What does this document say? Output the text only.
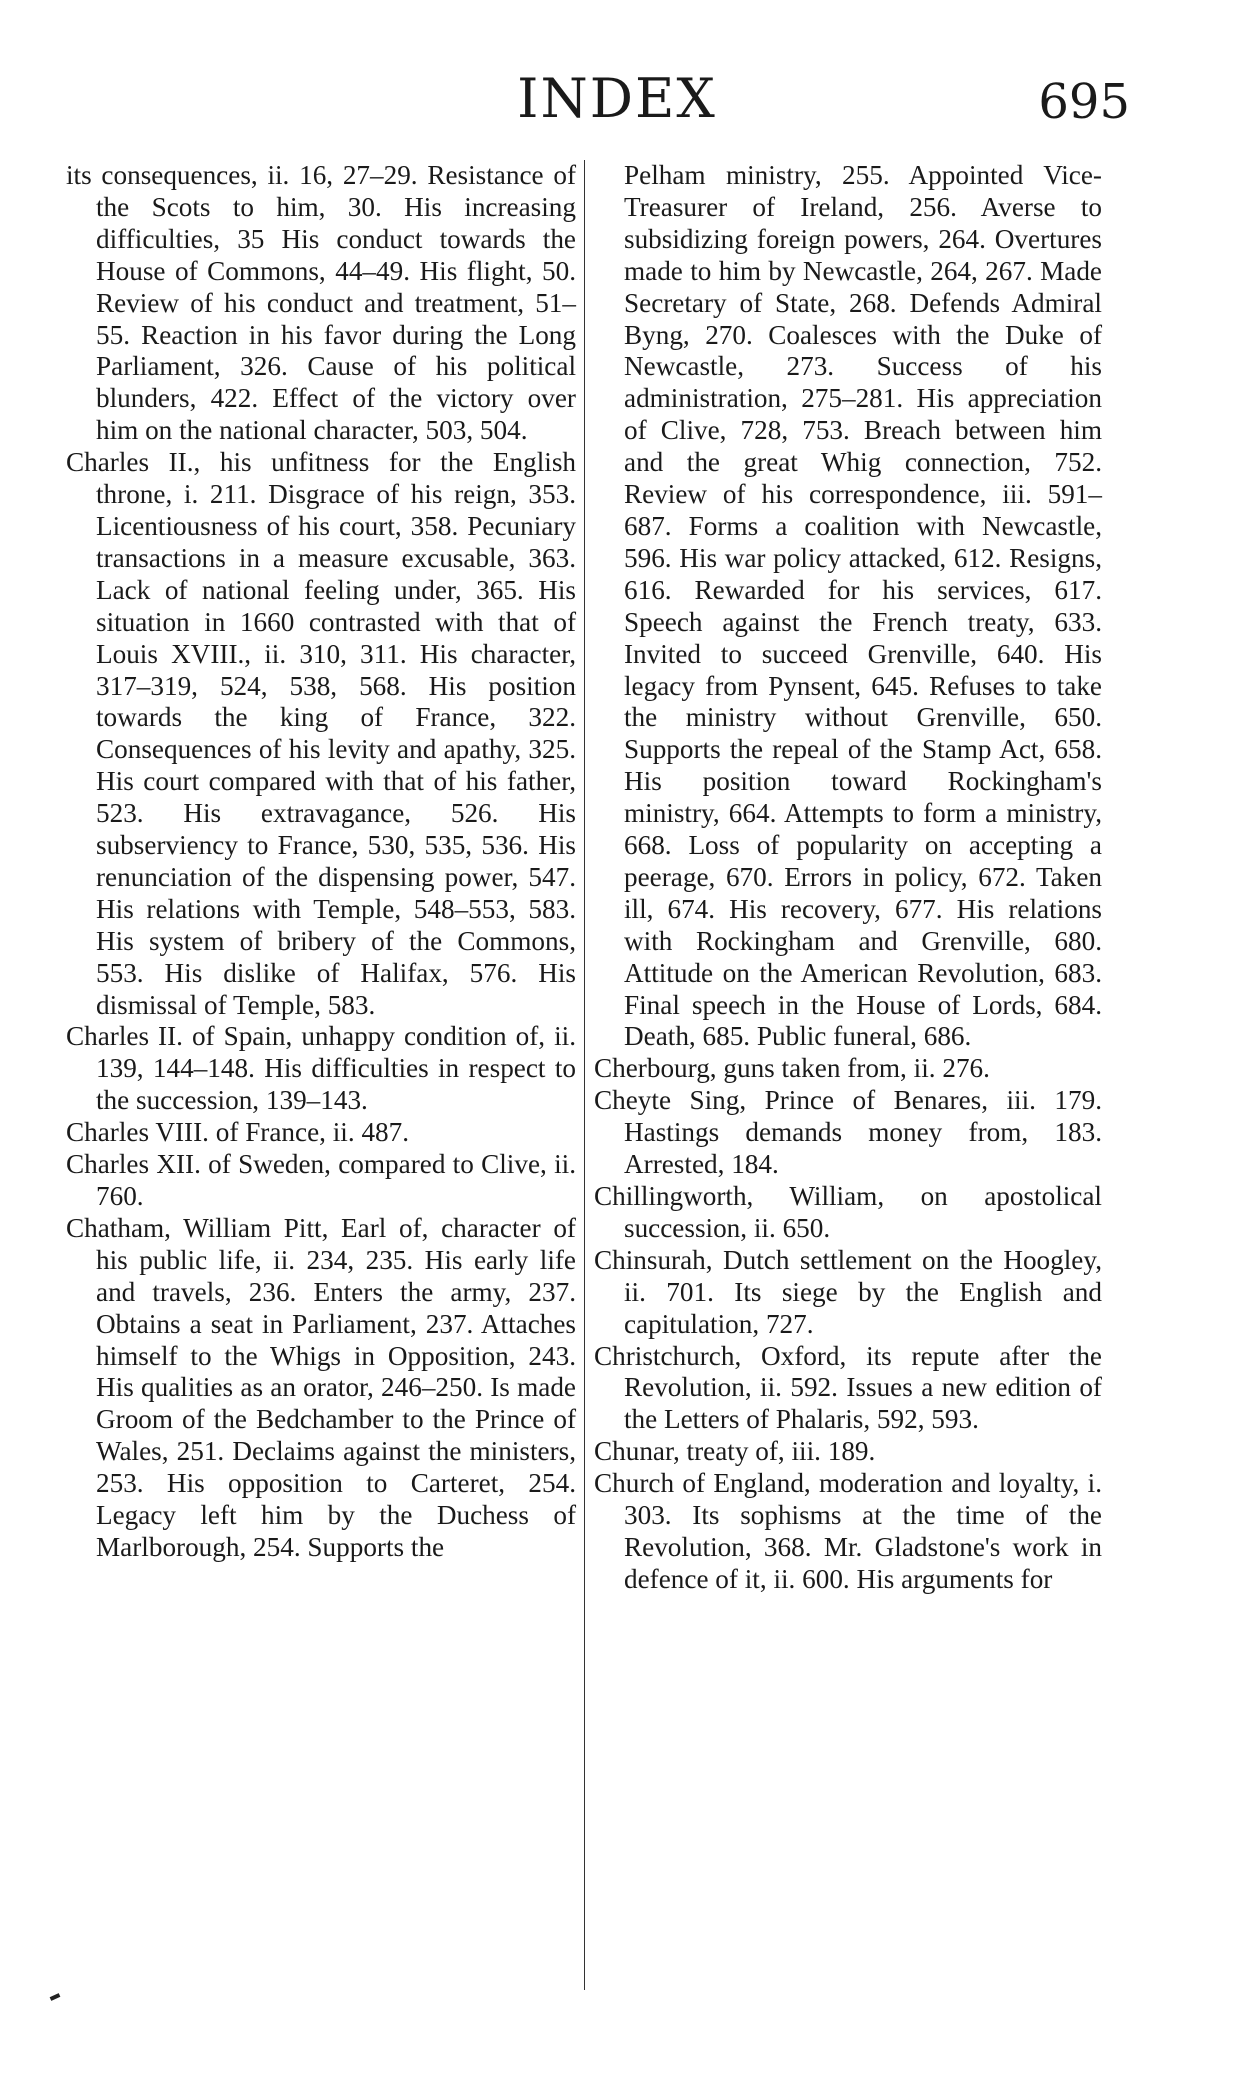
INDEX	695

its consequences, ii. 16, 27–29. Resistance of the Scots to him, 30. His increasing difficulties, 35 His conduct towards the House of Commons, 44–49. His flight, 50. Review of his conduct and treatment, 51–55. Reaction in his favor during the Long Parliament, 326. Cause of his political blunders, 422. Effect of the victory over him on the national character, 503, 504.

Charles II., his unfitness for the English throne, i. 211. Disgrace of his reign, 353. Licentiousness of his court, 358. Pecuniary transactions in a measure excusable, 363. Lack of national feeling under, 365. His situation in 1660 contrasted with that of Louis XVIII., ii. 310, 311. His character, 317–319, 524, 538, 568. His position towards the king of France, 322. Consequences of his levity and apathy, 325. His court compared with that of his father, 523. His extravagance, 526. His subserviency to France, 530, 535, 536. His renunciation of the dispensing power, 547. His relations with Temple, 548–553, 583. His system of bribery of the Commons, 553. His dislike of Halifax, 576. His dismissal of Temple, 583.

Charles II. of Spain, unhappy condition of, ii. 139, 144–148. His difficulties in respect to the succession, 139–143.

Charles VIII. of France, ii. 487.

Charles XII. of Sweden, compared to Clive, ii. 760.

Chatham, William Pitt, Earl of, character of his public life, ii. 234, 235. His early life and travels, 236. Enters the army, 237. Obtains a seat in Parliament, 237. Attaches himself to the Whigs in Opposition, 243. His qualities as an orator, 246–250. Is made Groom of the Bedchamber to the Prince of Wales, 251. Declaims against the ministers, 253. His opposition to Carteret, 254. Legacy left him by the Duchess of Marlborough, 254. Supports the

Pelham ministry, 255. Appointed Vice-Treasurer of Ireland, 256. Averse to subsidizing foreign powers, 264. Overtures made to him by Newcastle, 264, 267. Made Secretary of State, 268. Defends Admiral Byng, 270. Coalesces with the Duke of Newcastle, 273. Success of his administration, 275–281. His appreciation of Clive, 728, 753. Breach between him and the great Whig connection, 752. Review of his correspondence, iii. 591–687. Forms a coalition with Newcastle, 596. His war policy attacked, 612. Resigns, 616. Rewarded for his services, 617. Speech against the French treaty, 633. Invited to succeed Grenville, 640. His legacy from Pynsent, 645. Refuses to take the ministry without Grenville, 650. Supports the repeal of the Stamp Act, 658. His position toward Rockingham's ministry, 664. Attempts to form a ministry, 668. Loss of popularity on accepting a peerage, 670. Errors in policy, 672. Taken ill, 674. His recovery, 677. His relations with Rockingham and Grenville, 680. Attitude on the American Revolution, 683. Final speech in the House of Lords, 684. Death, 685. Public funeral, 686.

Cherbourg, guns taken from, ii. 276.

Cheyte Sing, Prince of Benares, iii. 179. Hastings demands money from, 183. Arrested, 184.

Chillingworth, William, on apostolical succession, ii. 650.

Chinsurah, Dutch settlement on the Hoogley, ii. 701. Its siege by the English and capitulation, 727.

Christchurch, Oxford, its repute after the Revolution, ii. 592. Issues a new edition of the Letters of Phalaris, 592, 593.

Chunar, treaty of, iii. 189.

Church of England, moderation and loyalty, i. 303. Its sophisms at the time of the Revolution, 368. Mr. Gladstone's work in defence of it, ii. 600. His arguments for
